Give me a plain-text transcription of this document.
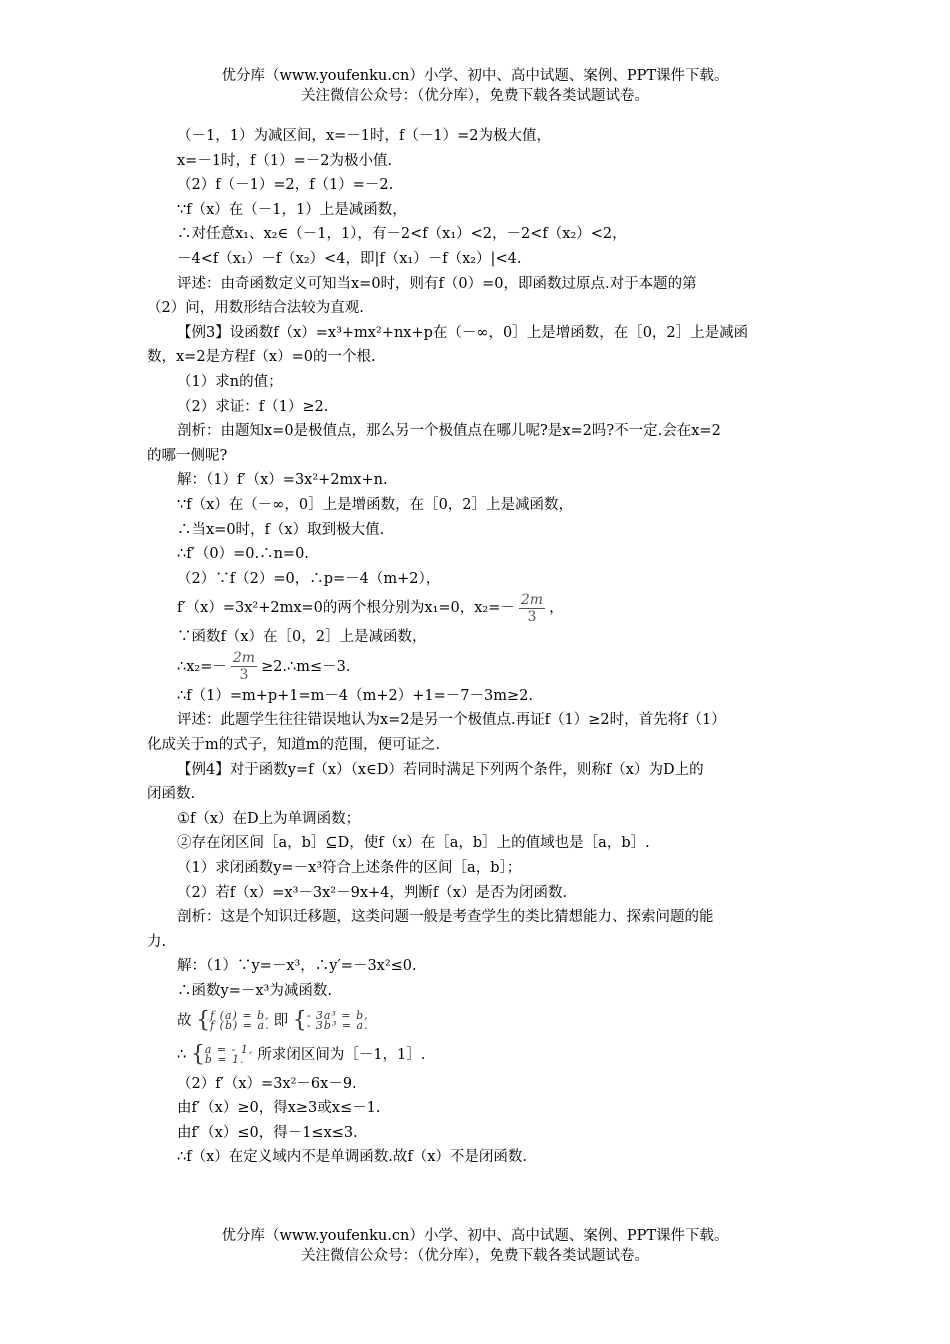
优分库（www.youfenku.cn）小学、初中、高中试题、案例、PPT课件下载。
关注微信公众号：（优分库），免费下载各类试题试卷。
（－1，1）为减区间，x=－1时，f（－1）=2为极大值，
x=－1时，f（1）=－2为极小值.
（2）f（－1）=2，f（1）=－2.
∵f（x）在（－1，1）上是减函数，
∴对任意x₁、x₂∈（－1，1），有－2<f（x₁）<2，－2<f（x₂）<2，
－4<f（x₁）－f（x₂）<4，即|f（x₁）－f（x₂）|<4.
评述：由奇函数定义可知当x=0时，则有f（0）=0，即函数过原点.对于本题的第
（2）问，用数形结合法较为直观.
【例3】设函数f（x）=x³+mx²+nx+p在（－∞，0］上是增函数，在［0，2］上是减函
数，x=2是方程f（x）=0的一个根.
（1）求n的值；
（2）求证：f（1）≥2.
剖析：由题知x=0是极值点，那么另一个极值点在哪儿呢?是x=2吗?不一定.会在x=2
的哪一侧呢?
解：（1）f′（x）=3x²+2mx+n.
∵f（x）在（－∞，0］上是增函数，在［0，2］上是减函数，
∴当x=0时，f（x）取到极大值.
∴f′（0）=0.∴n=0.
（2）∵f（2）=0，∴p=－4（m+2），
f′（x）=3x²+2mx=0的两个根分别为x₁=0，$x_2=- \frac{2m}{3}$ ，
∵函数f（x）在［0，2］上是减函数，
∴x₂=－ $\frac{2m}{3}$ ≥2.∴m≤－3.
∴f（1）=m+p+1=m－4（m+2）+1=－7－3m≥2.
评述：此题学生往往错误地认为x=2是另一个极值点.再证f（1）≥2时，首先将f（1）
化成关于m的式子，知道m的范围，便可证之.
【例4】对于函数y=f（x）（x∈D）若同时满足下列两个条件，则称f（x）为D上的
闭函数.
①f（x）在D上为单调函数；
②存在闭区间［a，b］⊆D，使f（x）在［a，b］上的值域也是［a，b］.
（1）求闭函数y=－x³符合上述条件的区间［a，b］；
（2）若f（x）=x³－3x²－9x+4，判断f（x）是否为闭函数.
剖析：这是个知识迁移题，这类问题一般是考查学生的类比猜想能力、探索问题的能
力.
解：（1）∵y=－x³，∴y′=－3x²≤0.
∴函数y=－x³为减函数.
故 { f (a) = b,
f (b) = a. 即 { - 3a³ = b,
- 3b³ = a.
∴ { a = - 1,
b = 1. 所求闭区间为［－1，1］.
（2）f′（x）=3x²－6x－9.
由f′（x）≥0，得x≥3或x≤－1.
由f′（x）≤0，得－1≤x≤3.
∴f（x）在定义域内不是单调函数.故f（x）不是闭函数.
优分库（www.youfenku.cn）小学、初中、高中试题、案例、PPT课件下载。
关注微信公众号：（优分库），免费下载各类试题试卷。
